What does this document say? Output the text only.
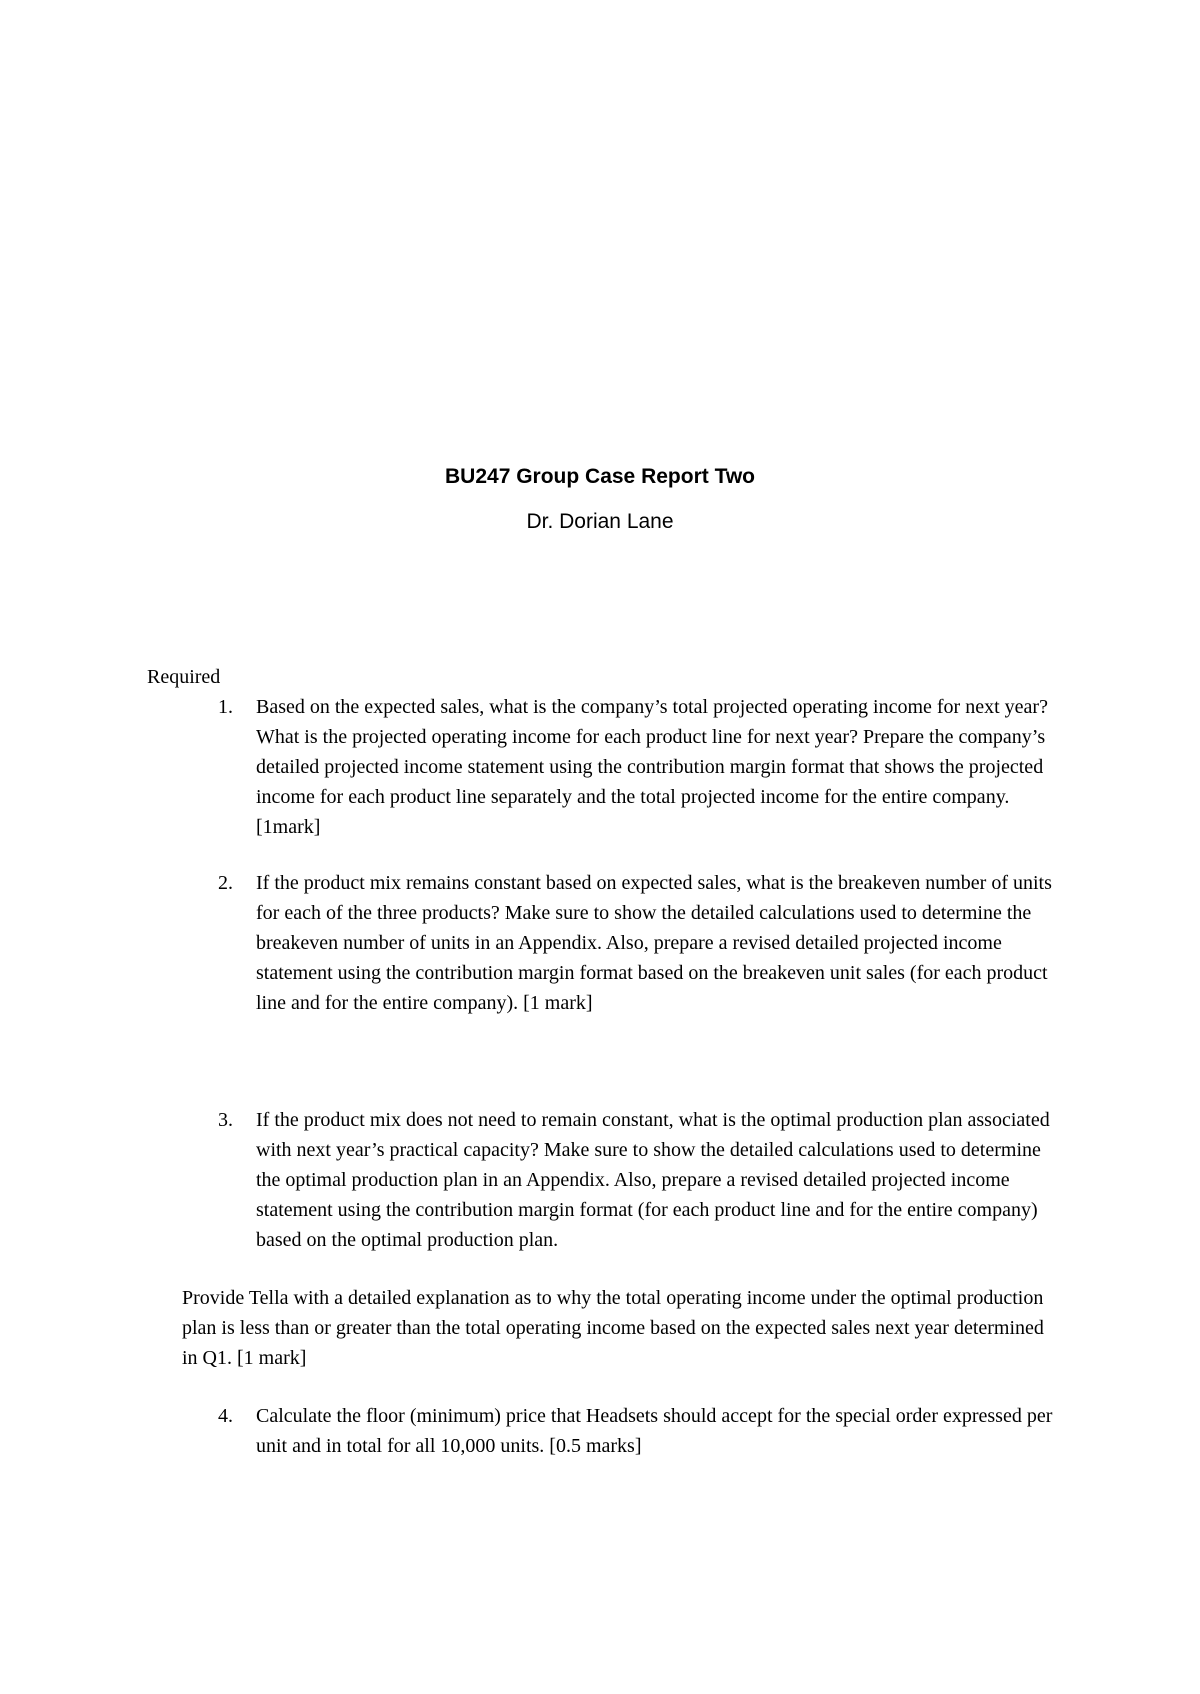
BU247 Group Case Report Two
Dr. Dorian Lane
Required
1.	Based on the expected sales, what is the company’s total projected operating income for next year? What is the projected operating income for each product line for next year? Prepare the company’s detailed projected income statement using the contribution margin format that shows the projected income for each product line separately and the total projected income for the entire company. [1mark]
2.	If the product mix remains constant based on expected sales, what is the breakeven number of units for each of the three products? Make sure to show the detailed calculations used to determine the breakeven number of units in an Appendix. Also, prepare a revised detailed projected income statement using the contribution margin format based on the breakeven unit sales (for each product line and for the entire company). [1 mark]
3.	If the product mix does not need to remain constant, what is the optimal production plan associated with next year’s practical capacity? Make sure to show the detailed calculations used to determine the optimal production plan in an Appendix. Also, prepare a revised detailed projected income statement using the contribution margin format (for each product line and for the entire company) based on the optimal production plan.
Provide Tella with a detailed explanation as to why the total operating income under the optimal production plan is less than or greater than the total operating income based on the expected sales next year determined in Q1. [1 mark]
4.	Calculate the floor (minimum) price that Headsets should accept for the special order expressed per unit and in total for all 10,000 units. [0.5 marks]
